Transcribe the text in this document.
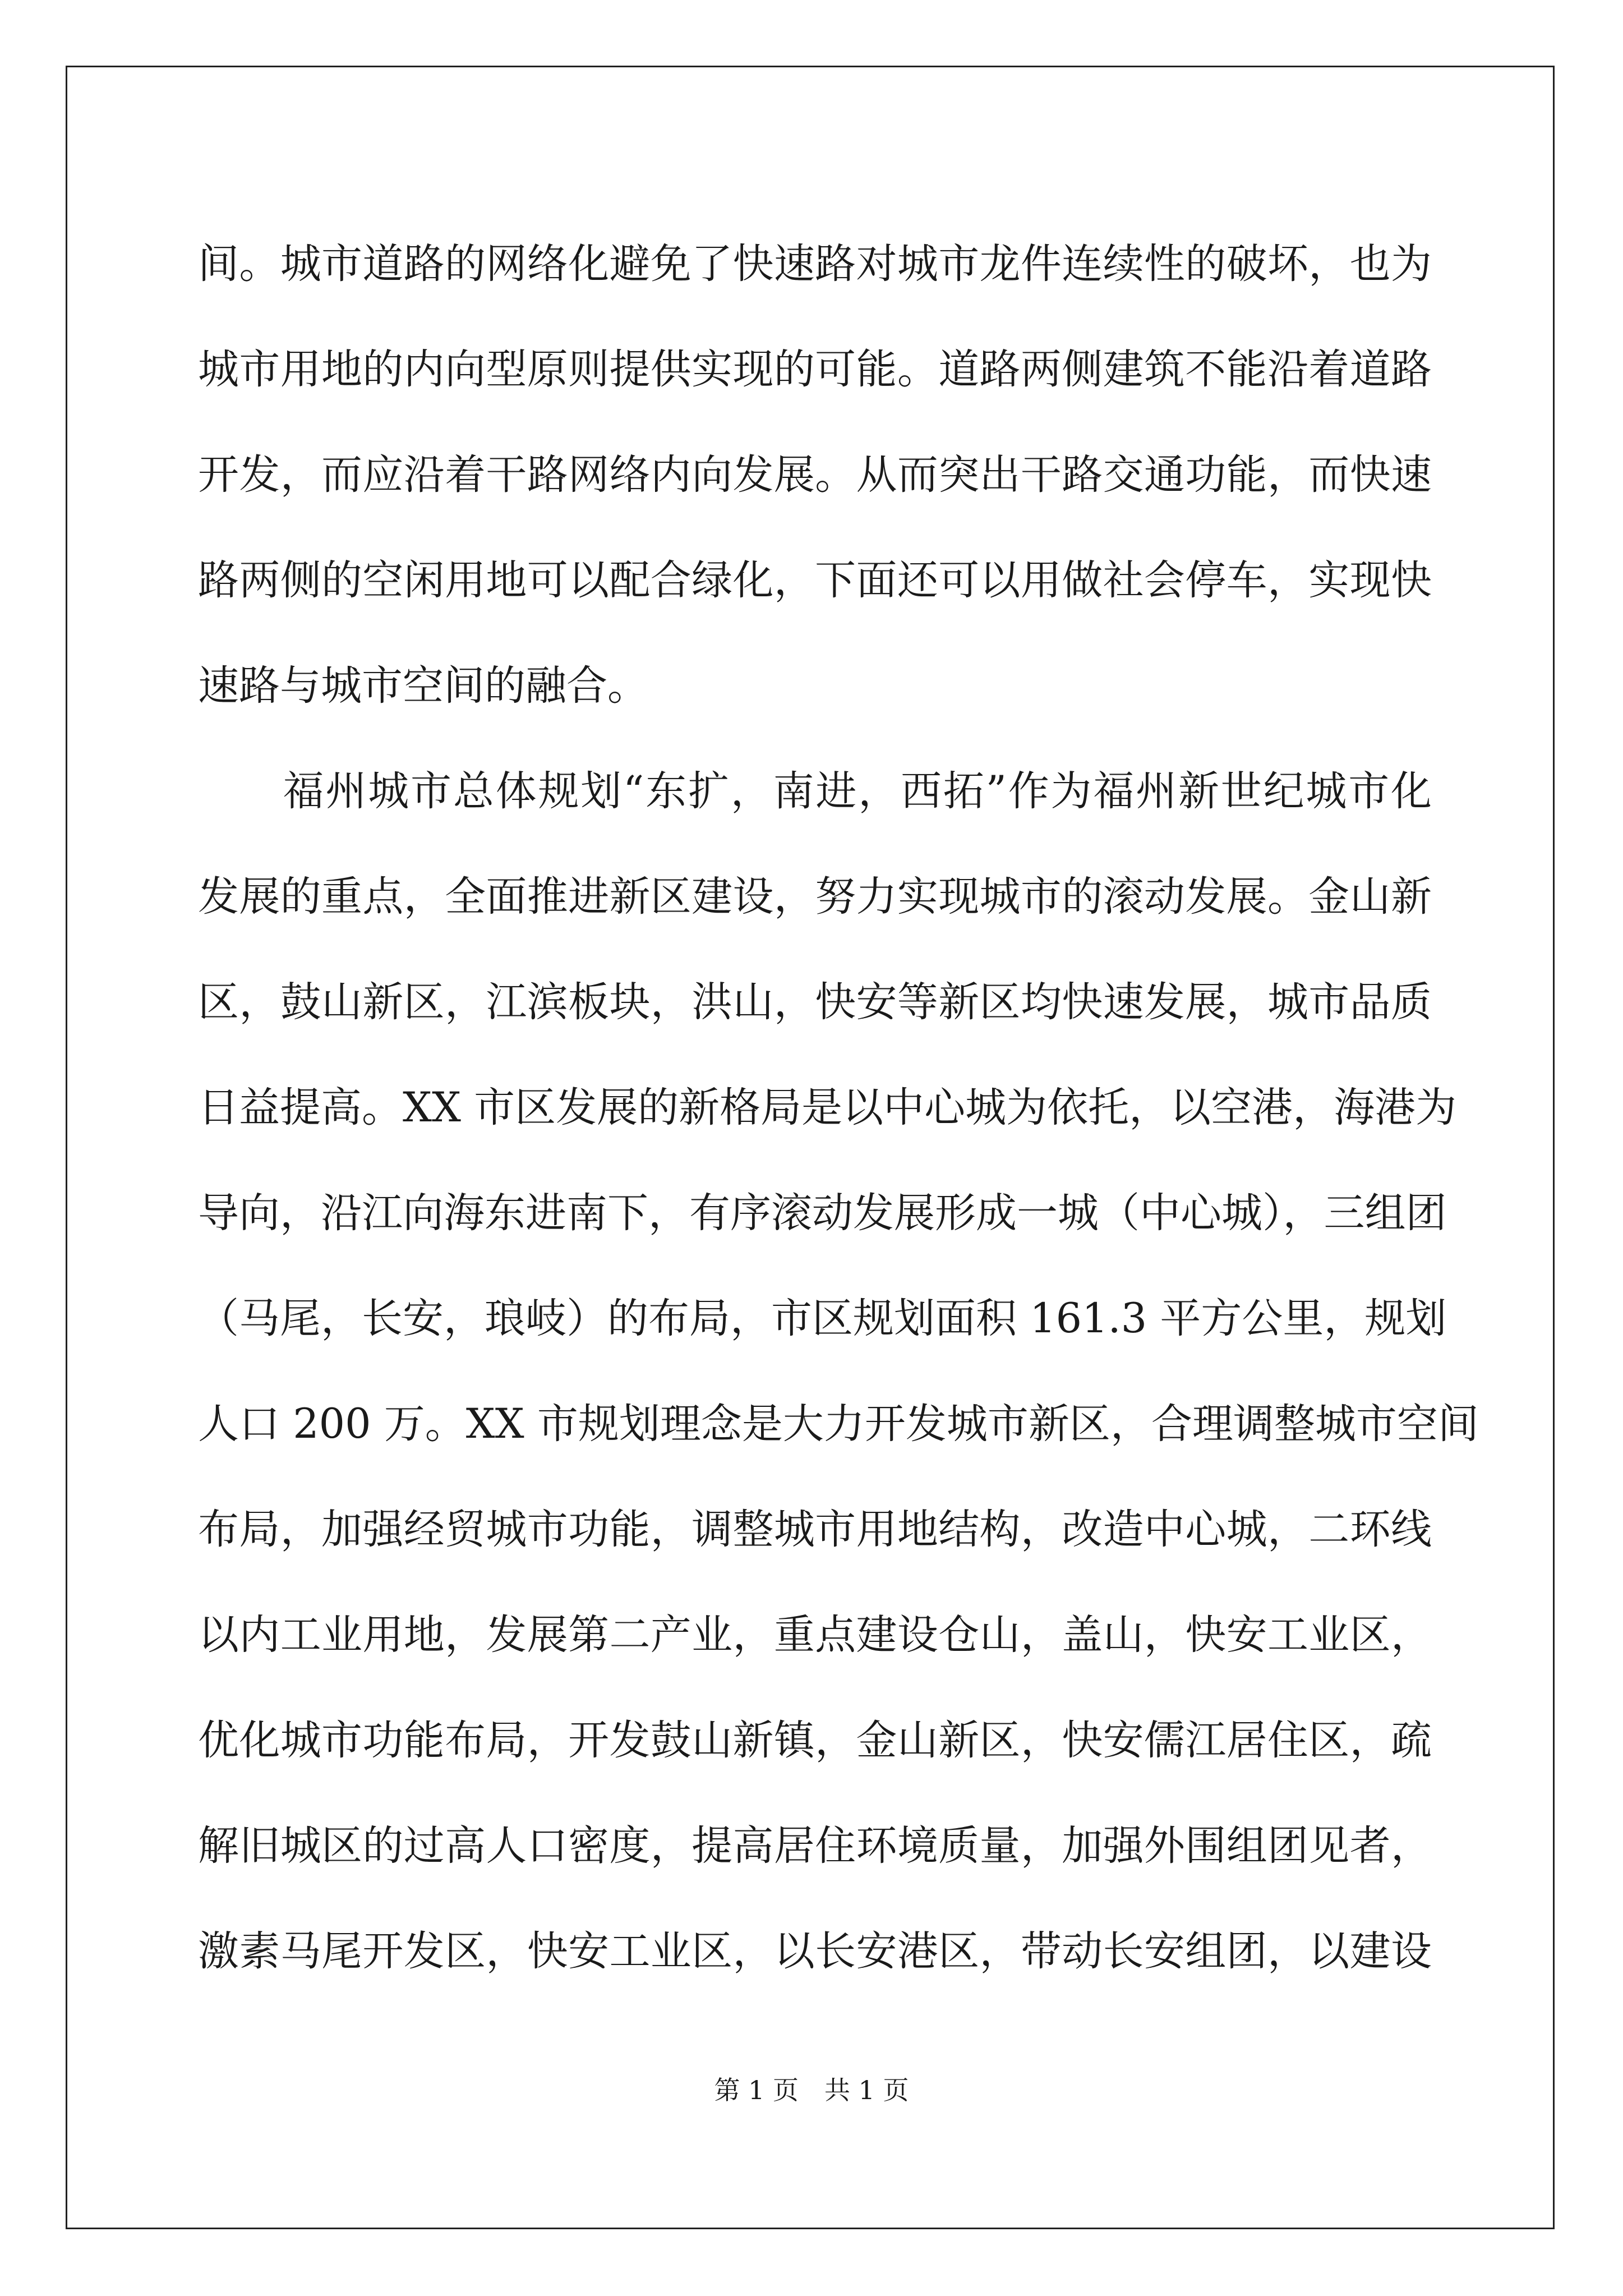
间。城市道路的网络化避免了快速路对城市龙件连续性的破坏，也为
城市用地的内向型原则提供实现的可能。道路两侧建筑不能沿着道路
开发，而应沿着干路网络内向发展。从而突出干路交通功能，而快速
路两侧的空闲用地可以配合绿化，下面还可以用做社会停车，实现快
速路与城市空间的融合。
　　福州城市总体规划“东扩，南进，西拓”作为福州新世纪城市化
发展的重点，全面推进新区建设，努力实现城市的滚动发展。金山新
区，鼓山新区，江滨板块，洪山，快安等新区均快速发展，城市品质
日益提高。XX 市区发展的新格局是以中心城为依托，以空港，海港为
导向，沿江向海东进南下，有序滚动发展形成一城（中心城），三组团
（马尾，长安，琅岐）的布局，市区规划面积 161.3 平方公里，规划
人口 200 万。XX 市规划理念是大力开发城市新区，合理调整城市空间
布局，加强经贸城市功能，调整城市用地结构，改造中心城，二环线
以内工业用地，发展第二产业，重点建设仓山，盖山，快安工业区，
优化城市功能布局，开发鼓山新镇，金山新区，快安儒江居住区，疏
解旧城区的过高人口密度，提高居住环境质量，加强外围组团见者，
激素马尾开发区，快安工业区，以长安港区，带动长安组团，以建设
第 1 页 共 1 页
